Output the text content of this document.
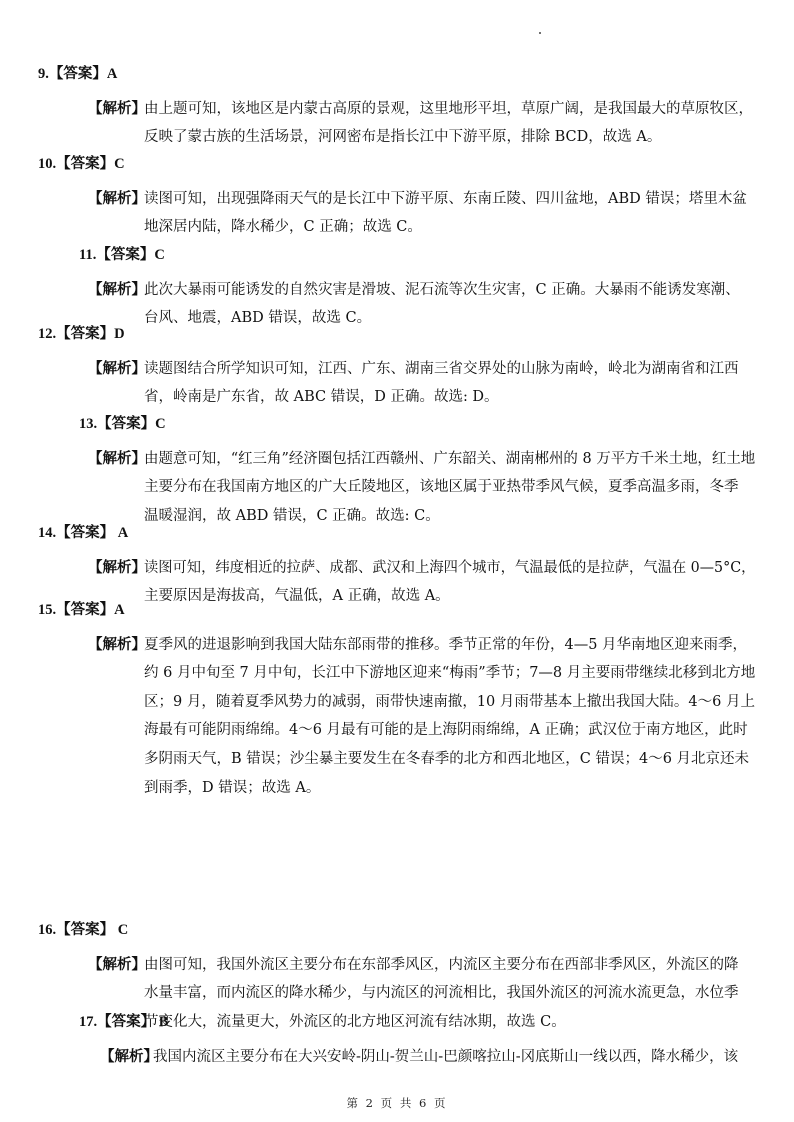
9.【答案】A
【解析】
由上题可知，该地区是内蒙古高原的景观，这里地形平坦，草原广阔，是我国最大的草原牧区，
反映了蒙古族的生活场景，河网密布是指长江中下游平原，排除 BCD，故选 A。
10.【答案】C
【解析】
读图可知，出现强降雨天气的是长江中下游平原、东南丘陵、四川盆地，ABD 错误；塔里木盆
地深居内陆，降水稀少，C 正确；故选 C。
11.【答案】C
【解析】
此次大暴雨可能诱发的自然灾害是滑坡、泥石流等次生灾害，C 正确。大暴雨不能诱发寒潮、
台风、地震，ABD 错误，故选 C。
12.【答案】D
【解析】
读题图结合所学知识可知，江西、广东、湖南三省交界处的山脉为南岭，岭北为湖南省和江西
省，岭南是广东省，故 ABC 错误，D 正确。故选: D。
13.【答案】C
【解析】
由题意可知，“红三角”经济圈包括江西赣州、广东韶关、湖南郴州的 8 万平方千米土地，红土地
主要分布在我国南方地区的广大丘陵地区，该地区属于亚热带季风气候，夏季高温多雨，冬季
温暖湿润，故 ABD 错误，C 正确。故选: C。
14.【答案】 A
【解析】
读图可知，纬度相近的拉萨、成都、武汉和上海四个城市，气温最低的是拉萨，气温在 0—5°C，
主要原因是海拔高，气温低，A 正确，故选 A。
15.【答案】A
【解析】
夏季风的进退影响到我国大陆东部雨带的推移。季节正常的年份，4—5 月华南地区迎来雨季，
约 6 月中旬至 7 月中旬，长江中下游地区迎来“梅雨”季节；7—8 月主要雨带继续北移到北方地
区；9 月，随着夏季风势力的减弱，雨带快速南撤，10 月雨带基本上撤出我国大陆。4～6 月上
海最有可能阴雨绵绵。4～6 月最有可能的是上海阴雨绵绵，A 正确；武汉位于南方地区，此时
多阴雨天气，B 错误；沙尘暴主要发生在冬春季的北方和西北地区，C 错误；4～6 月北京还未
到雨季，D 错误；故选 A。
16.【答案】 C
【解析】
由图可知，我国外流区主要分布在东部季风区，内流区主要分布在西部非季风区，外流区的降
水量丰富，而内流区的降水稀少，与内流区的河流相比，我国外流区的河流水流更急，水位季
节变化大，流量更大，外流区的北方地区河流有结冰期，故选 C。
17.【答案】 B
【解析】
我国内流区主要分布在大兴安岭-阴山-贺兰山-巴颜喀拉山-冈底斯山一线以西，降水稀少，该
第 2 页 共 6 页
